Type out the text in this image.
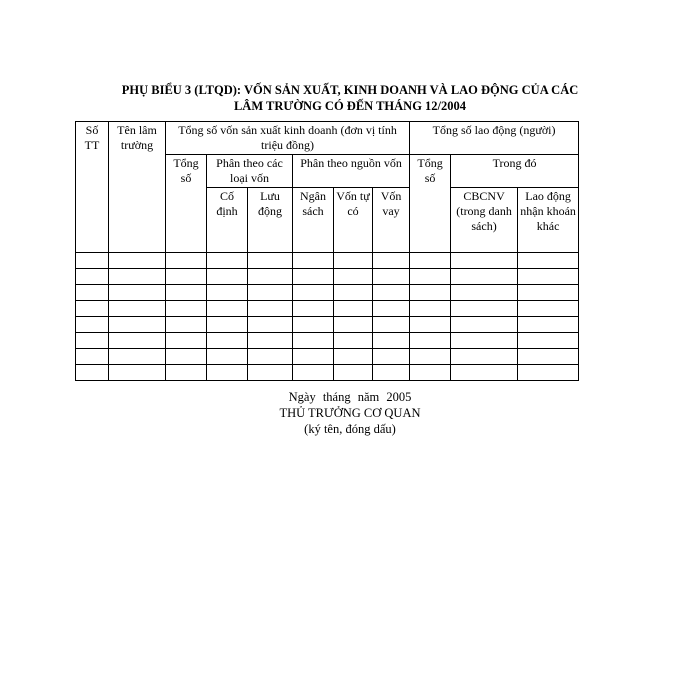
PHỤ BIỂU 3 (LTQD): VỐN SẢN XUẤT, KINH DOANH VÀ LAO ĐỘNG CỦA CÁC
LÂM TRƯỜNG CÓ ĐẾN THÁNG 12/2004
Số TT	Tên lâm trường	Tổng số vốn sản xuất kinh doanh (đơn vị tính triệu đồng)						Tổng số lao động (người)		
		Tổng số	Phân theo các loại vốn		Phân theo nguồn vốn			Tổng số	Trong đó	
			Cố định	Lưu động	Ngân sách	Vốn tự có	Vốn vay		CBCNV (trong danh sách)	Lao động nhận khoán khác

Ngày tháng năm 2005
THỦ TRƯỞNG CƠ QUAN
(ký tên, đóng dấu)
